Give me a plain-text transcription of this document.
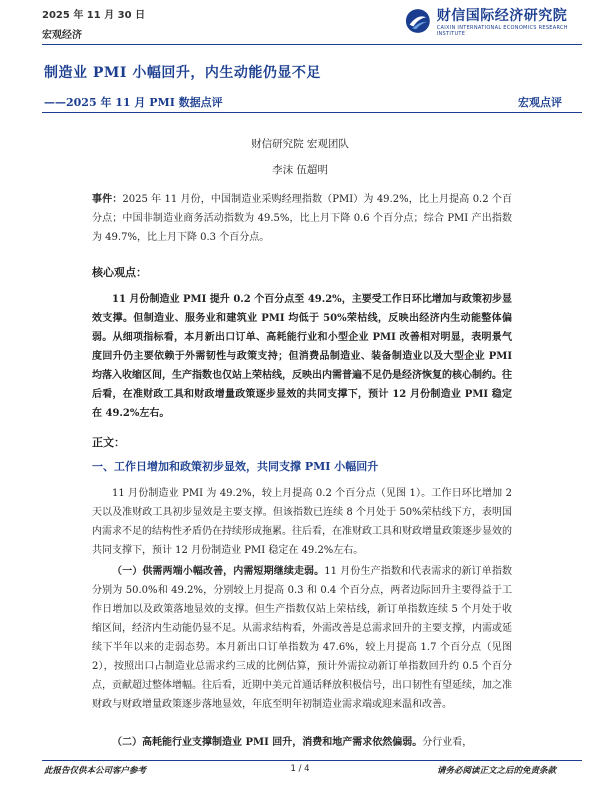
2025 年 11 月 30 日
宏观经济
财信国际经济研究院
CAIXIN INTERNATIONAL ECONOMICS RESEARCH INSTITUTE
制造业 PMI 小幅回升，内生动能仍显不足
——2025 年 11 月 PMI 数据点评	宏观点评
财信研究院 宏观团队
李沫 伍超明

事件：2025 年 11 月份，中国制造业采购经理指数（PMI）为 49.2%，比上月提高 0.2 个百分点；中国非制造业商务活动指数为 49.5%，比上月下降 0.6 个百分点；综合 PMI 产出指数为 49.7%，比上月下降 0.3 个百分点。

核心观点：

11 月份制造业 PMI 提升 0.2 个百分点至 49.2%，主要受工作日环比增加与政策初步显效支撑。但制造业、服务业和建筑业 PMI 均低于 50%荣枯线，反映出经济内生动能整体偏弱。从细项指标看，本月新出口订单、高耗能行业和小型企业 PMI 改善相对明显，表明景气度回升仍主要依赖于外需韧性与政策支持；但消费品制造业、装备制造业以及大型企业 PMI 均落入收缩区间，生产指数也仅站上荣枯线，反映出内需普遍不足仍是经济恢复的核心制约。往后看，在准财政工具和财政增量政策逐步显效的共同支撑下，预计 12 月份制造业 PMI 稳定在 49.2%左右。

正文：
一、工作日增加和政策初步显效，共同支撑 PMI 小幅回升

11 月份制造业 PMI 为 49.2%，较上月提高 0.2 个百分点（见图 1）。工作日环比增加 2 天以及准财政工具初步显效是主要支撑。但该指数已连续 8 个月处于 50%荣枯线下方，表明国内需求不足的结构性矛盾仍在持续形成拖累。往后看，在准财政工具和财政增量政策逐步显效的共同支撑下，预计 12 月份制造业 PMI 稳定在 49.2%左右。

（一）供需两端小幅改善，内需短期继续走弱。11 月份生产指数和代表需求的新订单指数分别为 50.0%和 49.2%，分别较上月提高 0.3 和 0.4 个百分点，两者边际回升主要得益于工作日增加以及政策落地显效的支撑。但生产指数仅站上荣枯线，新订单指数连续 5 个月处于收缩区间，经济内生动能仍显不足。从需求结构看，外需改善是总需求回升的主要支撑，内需或延续下半年以来的走弱态势。本月新出口订单指数为 47.6%，较上月提高 1.7 个百分点（见图 2），按照出口占制造业总需求约三成的比例估算，预计外需拉动新订单指数回升约 0.5 个百分点，贡献超过整体增幅。往后看，近期中美元首通话释放积极信号，出口韧性有望延续，加之准财政与财政增量政策逐步落地显效，年底至明年初制造业需求端或迎来温和改善。

（二）高耗能行业支撑制造业 PMI 回升，消费和地产需求依然偏弱。分行业看，

此报告仅供本公司客户参考	1 / 4	请务必阅读正文之后的免责条款
